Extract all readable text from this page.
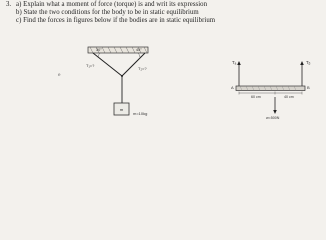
3. a) Explain what a moment of force (torque) is and writ its expression
b) State the two conditions for the body to be in static equilibrium
c) Find the forces in figures below if the bodies are in static equilibrium
m
30°	45°
T₁=?
T₂=?
m=10kg
e
Tₐ	Tᵦ
A	B
60 cm	40 cm
w=500N
